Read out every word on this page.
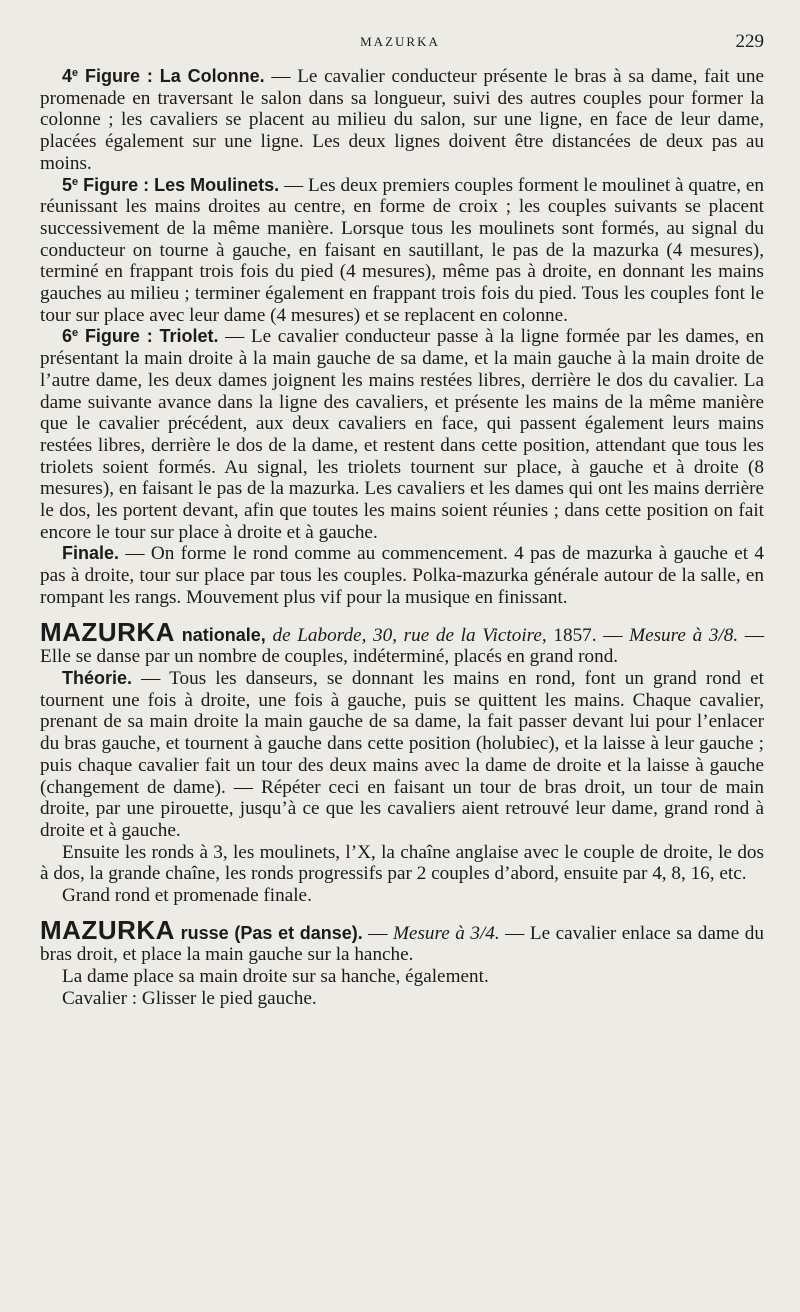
MAZURKA	229

4e Figure : La Colonne. — Le cavalier conducteur présente le bras à sa dame, fait une promenade en traversant le salon dans sa longueur, suivi des autres couples pour former la colonne ; les cavaliers se placent au milieu du salon, sur une ligne, en face de leur dame, placées également sur une ligne. Les deux lignes doivent être distancées de deux pas au moins.

5e Figure : Les Moulinets. — Les deux premiers couples forment le moulinet à quatre, en réunissant les mains droites au centre, en forme de croix ; les couples suivants se placent successivement de la même manière. Lorsque tous les moulinets sont formés, au signal du conducteur on tourne à gauche, en faisant en sautillant, le pas de la mazurka (4 mesures), terminé en frappant trois fois du pied (4 mesures), même pas à droite, en donnant les mains gauches au milieu ; terminer également en frappant trois fois du pied. Tous les couples font le tour sur place avec leur dame (4 mesures) et se replacent en colonne.

6e Figure : Triolet. — Le cavalier conducteur passe à la ligne formée par les dames, en présentant la main droite à la main gauche de sa dame, et la main gauche à la main droite de l’autre dame, les deux dames joignent les mains restées libres, derrière le dos du cavalier. La dame suivante avance dans la ligne des cavaliers, et présente les mains de la même manière que le cavalier précédent, aux deux cavaliers en face, qui passent également leurs mains restées libres, derrière le dos de la dame, et restent dans cette position, attendant que tous les triolets soient formés. Au signal, les triolets tournent sur place, à gauche et à droite (8 mesures), en faisant le pas de la mazurka. Les cavaliers et les dames qui ont les mains derrière le dos, les portent devant, afin que toutes les mains soient réunies ; dans cette position on fait encore le tour sur place à droite et à gauche.

Finale. — On forme le rond comme au commencement. 4 pas de mazurka à gauche et 4 pas à droite, tour sur place par tous les couples. Polka-mazurka générale autour de la salle, en rompant les rangs. Mouvement plus vif pour la musique en finissant.

MAZURKA nationale, de Laborde, 30, rue de la Victoire, 1857. — Mesure à 3/8. — Elle se danse par un nombre de couples, indéterminé, placés en grand rond.

Théorie. — Tous les danseurs, se donnant les mains en rond, font un grand rond et tournent une fois à droite, une fois à gauche, puis se quittent les mains. Chaque cavalier, prenant de sa main droite la main gauche de sa dame, la fait passer devant lui pour l’enlacer du bras gauche, et tournent à gauche dans cette position (holubiec), et la laisse à leur gauche ; puis chaque cavalier fait un tour des deux mains avec la dame de droite et la laisse à gauche (changement de dame). — Répéter ceci en faisant un tour de bras droit, un tour de main droite, par une pirouette, jusqu’à ce que les cavaliers aient retrouvé leur dame, grand rond à droite et à gauche.

Ensuite les ronds à 3, les moulinets, l’X, la chaîne anglaise avec le couple de droite, le dos à dos, la grande chaîne, les ronds progressifs par 2 couples d’abord, ensuite par 4, 8, 16, etc.

Grand rond et promenade finale.

MAZURKA russe (Pas et danse). — Mesure à 3/4. — Le cavalier enlace sa dame du bras droit, et place la main gauche sur la hanche.

La dame place sa main droite sur sa hanche, également.

Cavalier : Glisser le pied gauche.
